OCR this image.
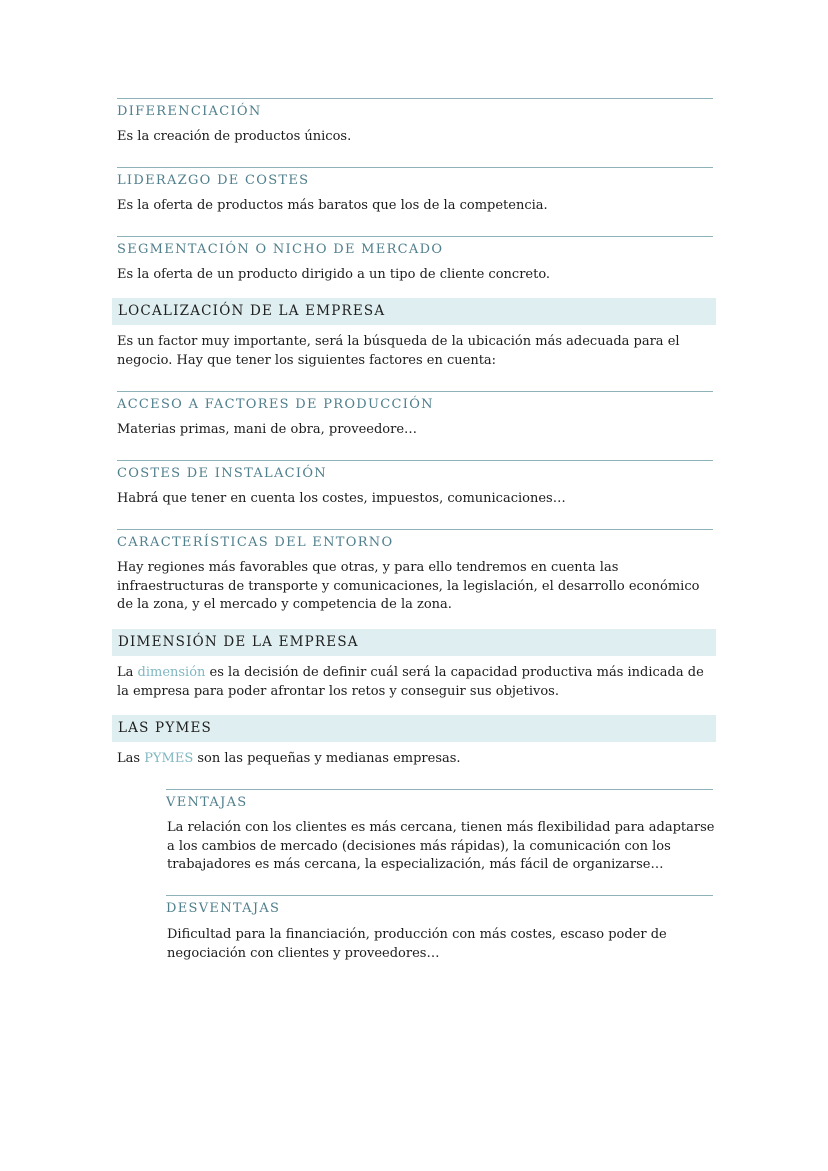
DIFERENCIACIÓN
Es la creación de productos únicos.
LIDERAZGO DE COSTES
Es la oferta de productos más baratos que los de la competencia.
SEGMENTACIÓN O NICHO DE MERCADO
Es la oferta de un producto dirigido a un tipo de cliente concreto.
LOCALIZACIÓN DE LA EMPRESA
Es un factor muy importante, será la búsqueda de la ubicación más adecuada para el negocio. Hay que tener los siguientes factores en cuenta:
ACCESO A FACTORES DE PRODUCCIÓN
Materias primas, mani de obra, proveedore…
COSTES DE INSTALACIÓN
Habrá que tener en cuenta los costes, impuestos, comunicaciones…
CARACTERÍSTICAS DEL ENTORNO
Hay regiones más favorables que otras, y para ello tendremos en cuenta las infraestructuras de transporte y comunicaciones, la legislación, el desarrollo económico de la zona, y el mercado y competencia de la zona.
DIMENSIÓN DE LA EMPRESA
La dimensión es la decisión de definir cuál será la capacidad productiva más indicada de la empresa para poder afrontar los retos y conseguir sus objetivos.
LAS PYMES
Las PYMES son las pequeñas y medianas empresas.
VENTAJAS
La relación con los clientes es más cercana, tienen más flexibilidad para adaptarse a los cambios de mercado (decisiones más rápidas), la comunicación con los trabajadores es más cercana, la especialización, más fácil de organizarse…
DESVENTAJAS
Dificultad para la financiación, producción con más costes, escaso poder de negociación con clientes y proveedores…
